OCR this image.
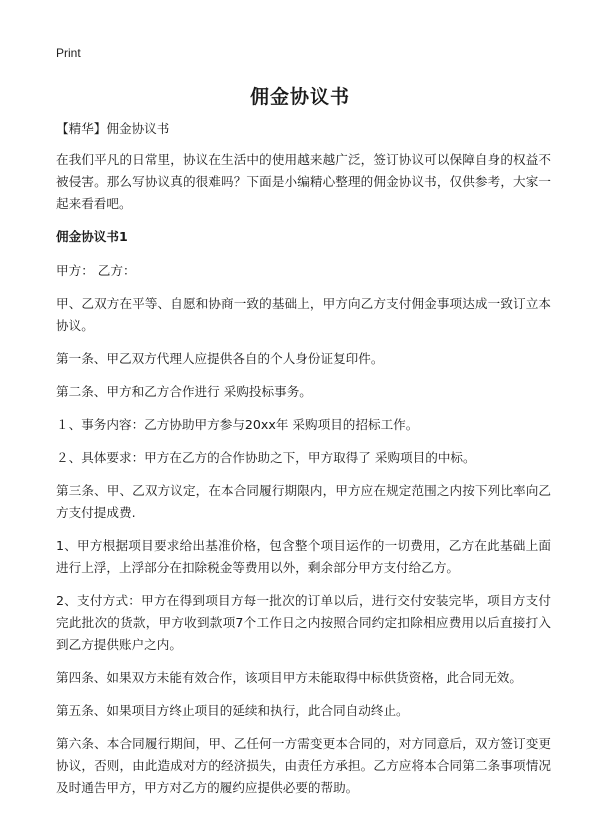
Print
佣金协议书

【精华】佣金协议书

在我们平凡的日常里，协议在生活中的使用越来越广泛，签订协议可以保障自身的权益不被侵害。那么写协议真的很难吗？下面是小编精心整理的佣金协议书，仅供参考，大家一起来看看吧。

佣金协议书1

甲方： 乙方：

甲、乙双方在平等、自愿和协商一致的基础上，甲方向乙方支付佣金事项达成一致订立本协议。

第一条、甲乙双方代理人应提供各自的个人身份证复印件。

第二条、甲方和乙方合作进行 采购投标事务。

１、事务内容：乙方协助甲方参与20xx年 采购项目的招标工作。

２、具体要求：甲方在乙方的合作协助之下，甲方取得了 采购项目的中标。

第三条、甲、乙双方议定，在本合同履行期限内，甲方应在规定范围之内按下列比率向乙方支付提成费.

1、甲方根据项目要求给出基准价格，包含整个项目运作的一切费用，乙方在此基础上面进行上浮，上浮部分在扣除税金等费用以外，剩余部分甲方支付给乙方。

2、支付方式：甲方在得到项目方每一批次的订单以后，进行交付安装完毕，项目方支付完此批次的货款，甲方收到款项7个工作日之内按照合同约定扣除相应费用以后直接打入到乙方提供账户之内。

第四条、如果双方未能有效合作，该项目甲方未能取得中标供货资格，此合同无效。

第五条、如果项目方终止项目的延续和执行，此合同自动终止。

第六条、本合同履行期间，甲、乙任何一方需变更本合同的，对方同意后，双方签订变更协议，否则，由此造成对方的经济损失，由责任方承担。乙方应将本合同第二条事项情况及时通告甲方，甲方对乙方的履约应提供必要的帮助。
